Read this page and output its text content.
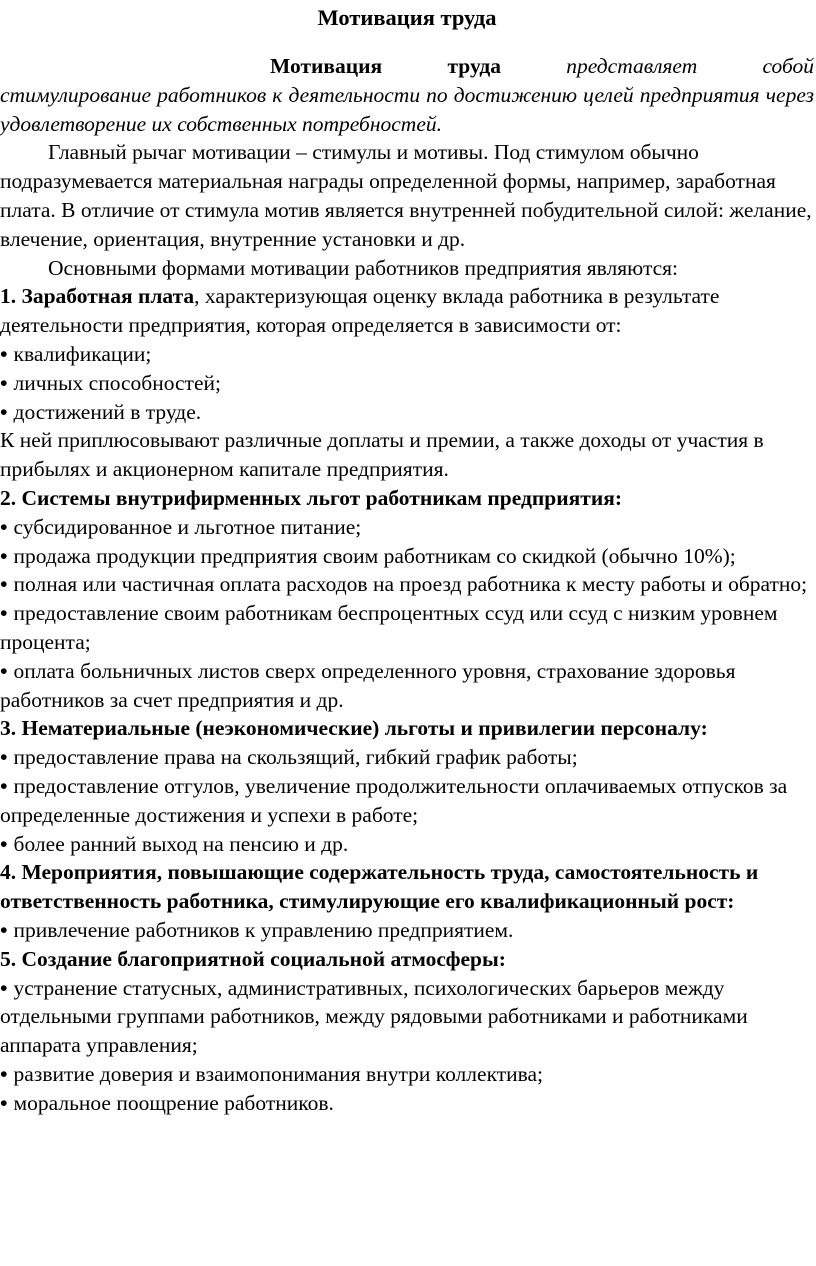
Мотивация труда

Мотивация труда	представляет собой
стимулирование работников к деятельности по достижению целей предприятия через удовлетворение их собственных потребностей.

Главный рычаг мотивации – стимулы и мотивы. Под стимулом обычно подразумевается материальная награды определенной формы, например, заработная плата. В отличие от стимула мотив является внутренней побудительной силой: желание, влечение, ориентация, внутренние установки и др.

Основными формами мотивации работников предприятия являются:

1. Заработная плата, характеризующая оценку вклада работника в результате деятельности предприятия, которая определяется в зависимости от:

• квалификации;

• личных способностей;

• достижений в труде.

К ней приплюсовывают различные доплаты и премии, а также доходы от участия в прибылях и акционерном капитале предприятия.

2. Системы внутрифирменных льгот работникам предприятия:

• субсидированное и льготное питание;

• продажа продукции предприятия своим работникам со скидкой (обычно 10%);

• полная или частичная оплата расходов на проезд работника к месту работы и обратно;

• предоставление своим работникам беспроцентных ссуд или ссуд с низким уровнем процента;

• оплата больничных листов сверх определенного уровня, страхование здоровья работников за счет предприятия и др.

3. Нематериальные (неэкономические) льготы и привилегии персоналу:

• предоставление права на скользящий, гибкий график работы;

• предоставление отгулов, увеличение продолжительности оплачиваемых отпусков за определенные достижения и успехи в работе;

• более ранний выход на пенсию и др.

4. Мероприятия, повышающие содержательность труда, самостоятельность и ответственность работника, стимулирующие его квалификационный рост:

• привлечение работников к управлению предприятием.

5. Создание благоприятной социальной атмосферы:

• устранение статусных, административных, психологических барьеров между отдельными группами работников, между рядовыми работниками и работниками аппарата управления;

• развитие доверия и взаимопонимания внутри коллектива;

• моральное поощрение работников.
